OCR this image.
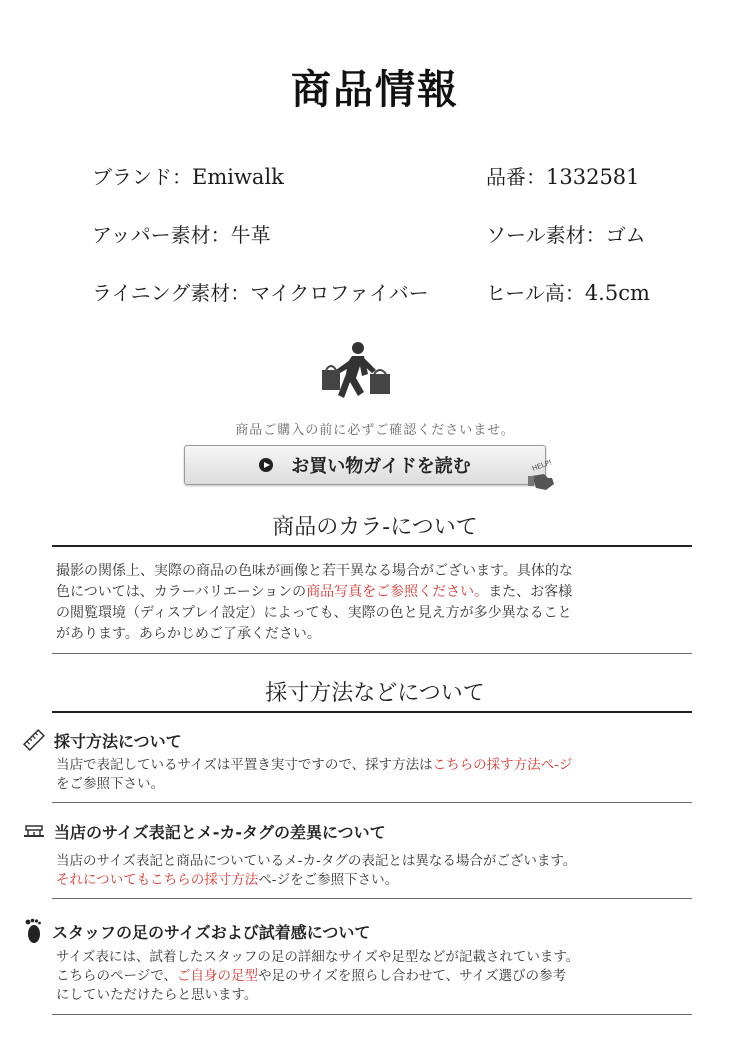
商品情報
ブランド：Emiwalk	品番：1332581
アッパー素材：牛革	ソール素材：ゴム
ライニング素材：マイクロファイバー	ヒール高：4.5cm
商品ご購入の前に必ずご確認くださいませ。
お買い物ガイドを読む	HELP!
商品のカラ-について
撮影の関係上、実際の商品の色味が画像と若干異なる場合がございます。具体的な
色については、カラーバリエーションの商品写真をご参照ください。また、お客様
の閲覧環境（ディスプレイ設定）によっても、実際の色と見え方が多少異なること
があります。あらかじめご了承ください。
採寸方法などについて
採寸方法について
当店で表記しているサイズは平置き実寸ですので、採す方法はこちらの採す方法ペ-ジ
をご参照下さい。
当店のサイズ表記とメ-カ-タグの差異について
当店のサイズ表記と商品についているメ-カ-タグの表記とは異なる場合がございます。
それについてもこちらの採寸方法ペ-ジをご参照下さい。
スタッフの足のサイズおよび試着感について
サイズ表には、試着したスタッフの足の詳細なサイズや足型などが記載されています。
こちらのページで、ご自身の足型や足のサイズを照らし合わせて、サイズ選びの参考
にしていただけたらと思います。
